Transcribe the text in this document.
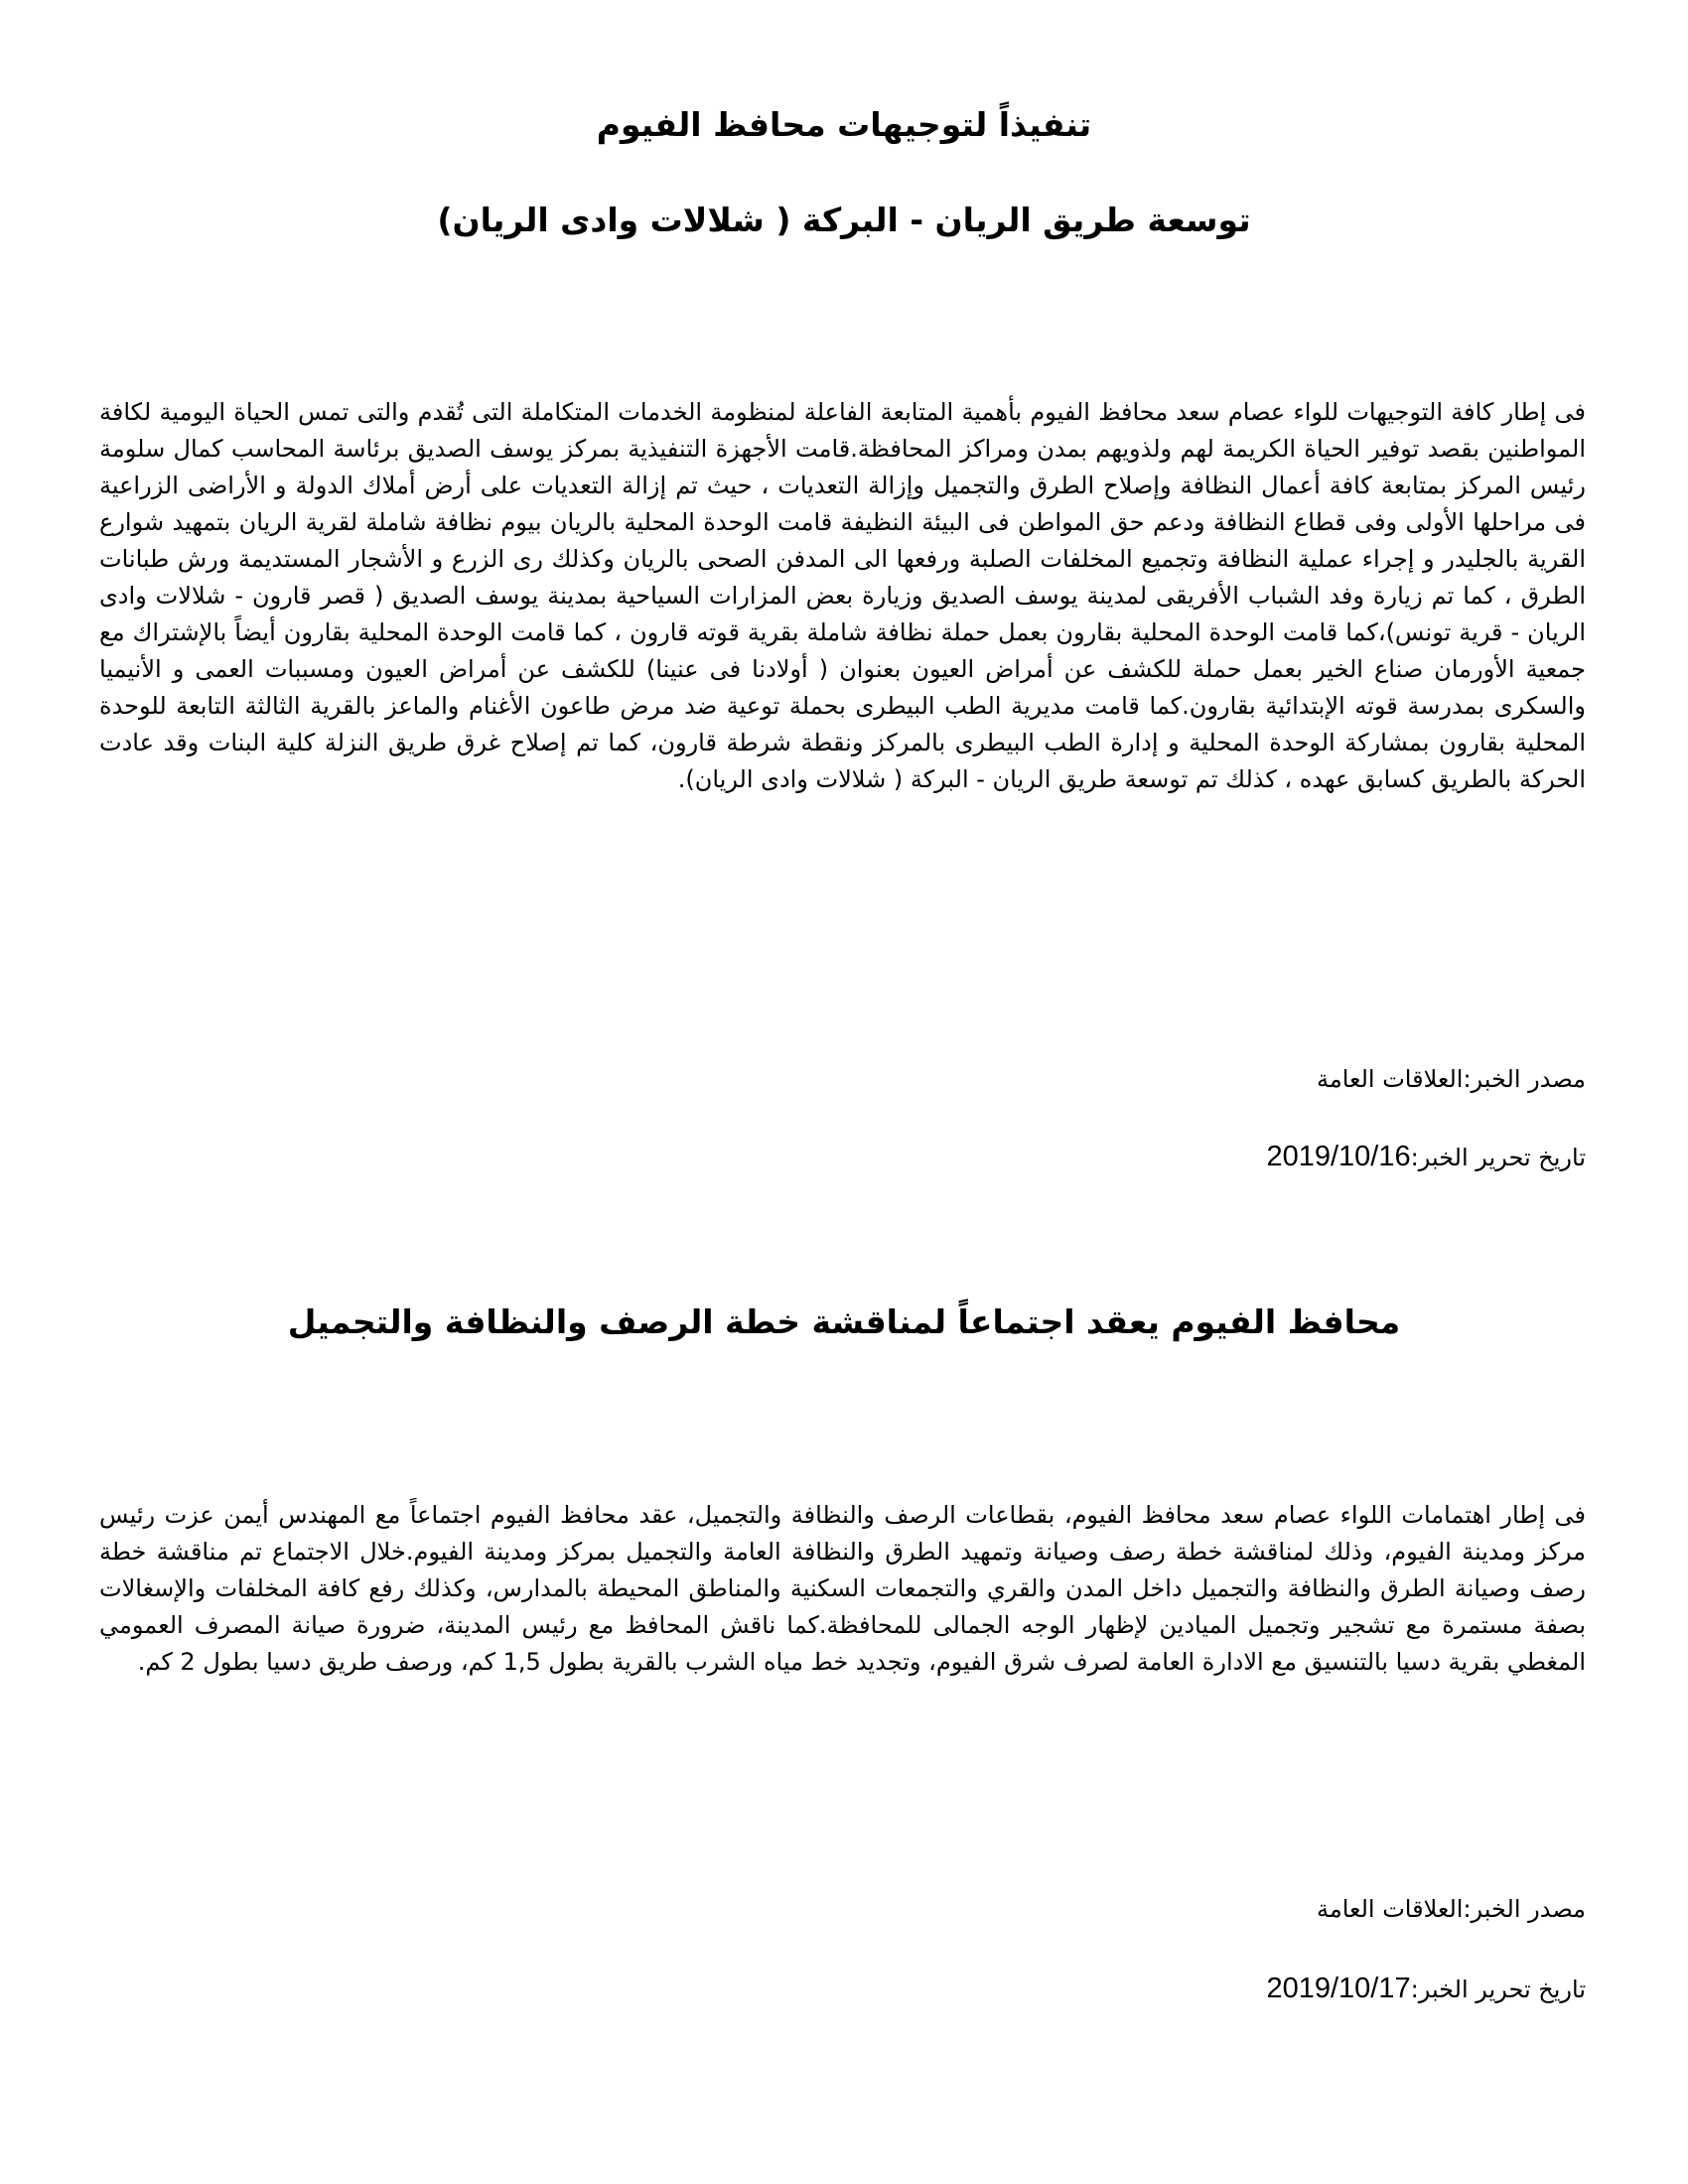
تنفيذاً لتوجيهات محافظ الفيوم
توسعة طريق الريان - البركة ( شلالات وادى الريان)

فى إطار كافة التوجيهات للواء عصام سعد محافظ الفيوم بأهمية المتابعة الفاعلة لمنظومة الخدمات المتكاملة التى تُقدم والتى تمس الحياة اليومية لكافة المواطنين بقصد توفير الحياة الكريمة لهم ولذويهم بمدن ومراكز المحافظة.قامت الأجهزة التنفيذية بمركز يوسف الصديق برئاسة المحاسب كمال سلومة رئيس المركز بمتابعة كافة أعمال النظافة وإصلاح الطرق والتجميل وإزالة التعديات ، حيث تم إزالة التعديات على أرض أملاك الدولة و الأراضى الزراعية فى مراحلها الأولى وفى قطاع النظافة ودعم حق المواطن فى البيئة النظيفة قامت الوحدة المحلية بالريان بيوم نظافة شاملة لقرية الريان بتمهيد شوارع القرية بالجليدر و إجراء عملية النظافة وتجميع المخلفات الصلبة ورفعها الى المدفن الصحى بالريان وكذلك رى الزرع و الأشجار المستديمة ورش طبانات الطرق ، كما تم زيارة وفد الشباب الأفريقى لمدينة يوسف الصديق وزيارة بعض المزارات السياحية بمدينة يوسف الصديق ( قصر قارون - شلالات وادى الريان - قرية تونس)،كما قامت الوحدة المحلية بقارون بعمل حملة نظافة شاملة بقرية قوته قارون ، كما قامت الوحدة المحلية بقارون أيضاً بالإشتراك مع جمعية الأورمان صناع الخير بعمل حملة للكشف عن أمراض العيون بعنوان ( أولادنا فى عنينا) للكشف عن أمراض العيون ومسببات العمى و الأنيميا والسكرى بمدرسة قوته الإبتدائية بقارون.كما قامت مديرية الطب البيطرى بحملة توعية ضد مرض طاعون الأغنام والماعز بالقرية الثالثة التابعة للوحدة المحلية بقارون بمشاركة الوحدة المحلية و إدارة الطب البيطرى بالمركز ونقطة شرطة قارون، كما تم إصلاح غرق طريق النزلة كلية البنات وقد عادت الحركة بالطريق كسابق عهده ، كذلك تم توسعة طريق الريان - البركة ( شلالات وادى الريان).

مصدر الخبر:العلاقات العامة

تاريخ تحرير الخبر:2019/10/16

محافظ الفيوم يعقد اجتماعاً لمناقشة خطة الرصف والنظافة والتجميل

فى إطار اهتمامات اللواء عصام سعد محافظ الفيوم، بقطاعات الرصف والنظافة والتجميل، عقد محافظ الفيوم اجتماعاً مع المهندس أيمن عزت رئيس مركز ومدينة الفيوم، وذلك لمناقشة خطة رصف وصيانة وتمهيد الطرق والنظافة العامة والتجميل بمركز ومدينة الفيوم.خلال الاجتماع تم مناقشة خطة رصف وصيانة الطرق والنظافة والتجميل داخل المدن والقري والتجمعات السكنية والمناطق المحيطة بالمدارس، وكذلك رفع كافة المخلفات والإسغالات بصفة مستمرة مع تشجير وتجميل الميادين لإظهار الوجه الجمالى للمحافظة.كما ناقش المحافظ مع رئيس المدينة، ضرورة صيانة المصرف العمومي المغطي بقرية دسيا بالتنسيق مع الادارة العامة لصرف شرق الفيوم، وتجديد خط مياه الشرب بالقرية بطول 1,5 كم، ورصف طريق دسيا بطول 2 كم.

مصدر الخبر:العلاقات العامة

تاريخ تحرير الخبر:2019/10/17
